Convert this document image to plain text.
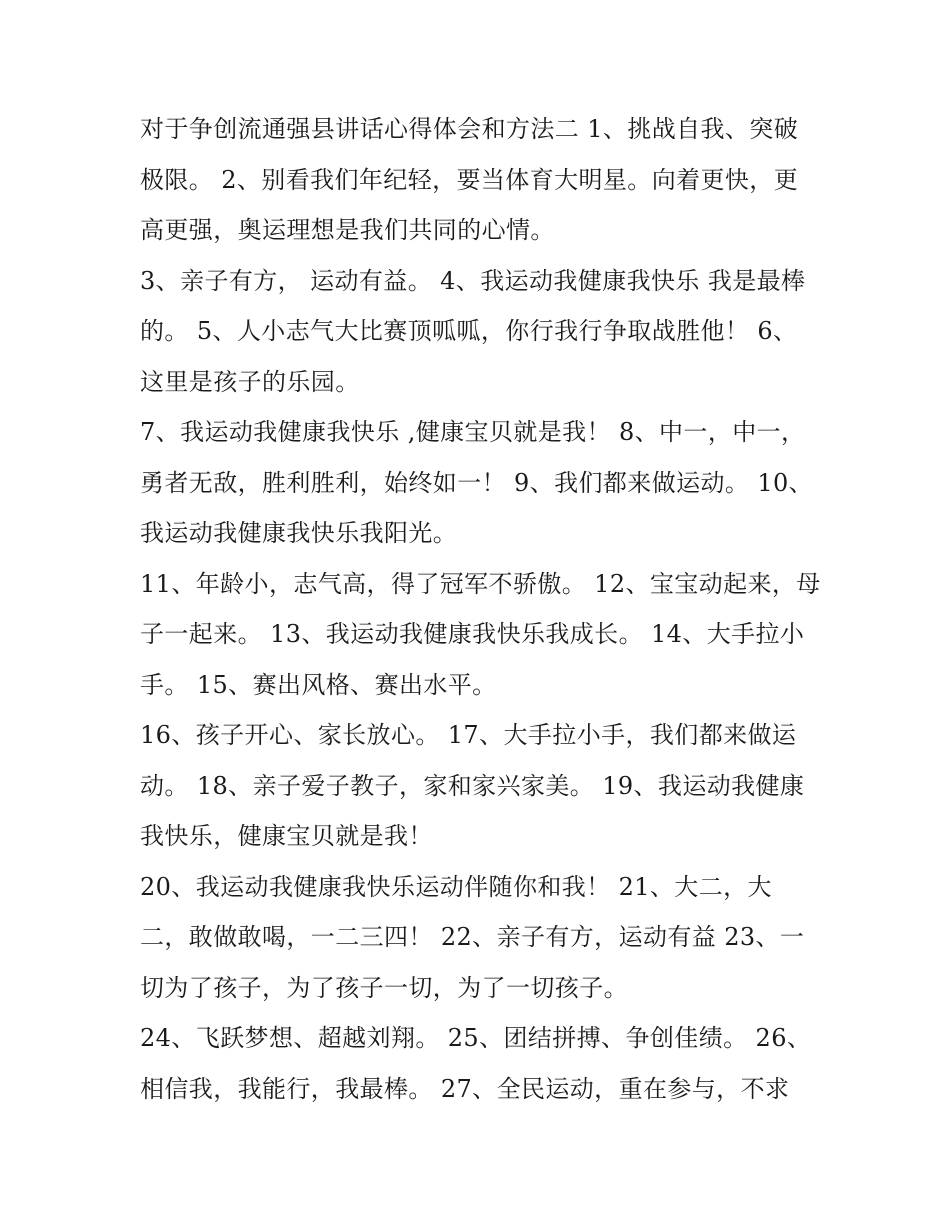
对于争创流通强县讲话心得体会和方法二 1、挑战自我、突破
极限。 2、别看我们年纪轻，要当体育大明星。向着更快，更
高更强，奥运理想是我们共同的心情。
3、亲子有方， 运动有益。 4、我运动我健康我快乐 我是最棒
的。 5、人小志气大比赛顶呱呱，你行我行争取战胜他！ 6、
这里是孩子的乐园。
7、我运动我健康我快乐 ,健康宝贝就是我！ 8、中一，中一，
勇者无敌，胜利胜利，始终如一！ 9、我们都来做运动。 10、
我运动我健康我快乐我阳光。
11、年龄小，志气高，得了冠军不骄傲。 12、宝宝动起来，母
子一起来。 13、我运动我健康我快乐我成长。 14、大手拉小
手。 15、赛出风格、赛出水平。
16、孩子开心、家长放心。 17、大手拉小手，我们都来做运
动。 18、亲子爱子教子，家和家兴家美。 19、我运动我健康
我快乐，健康宝贝就是我！
20、我运动我健康我快乐运动伴随你和我！ 21、大二，大
二，敢做敢喝，一二三四！ 22、亲子有方，运动有益 23、一
切为了孩子，为了孩子一切，为了一切孩子。
24、飞跃梦想、超越刘翔。 25、团结拼搏、争创佳绩。 26、
相信我，我能行，我最棒。 27、全民运动，重在参与，不求
